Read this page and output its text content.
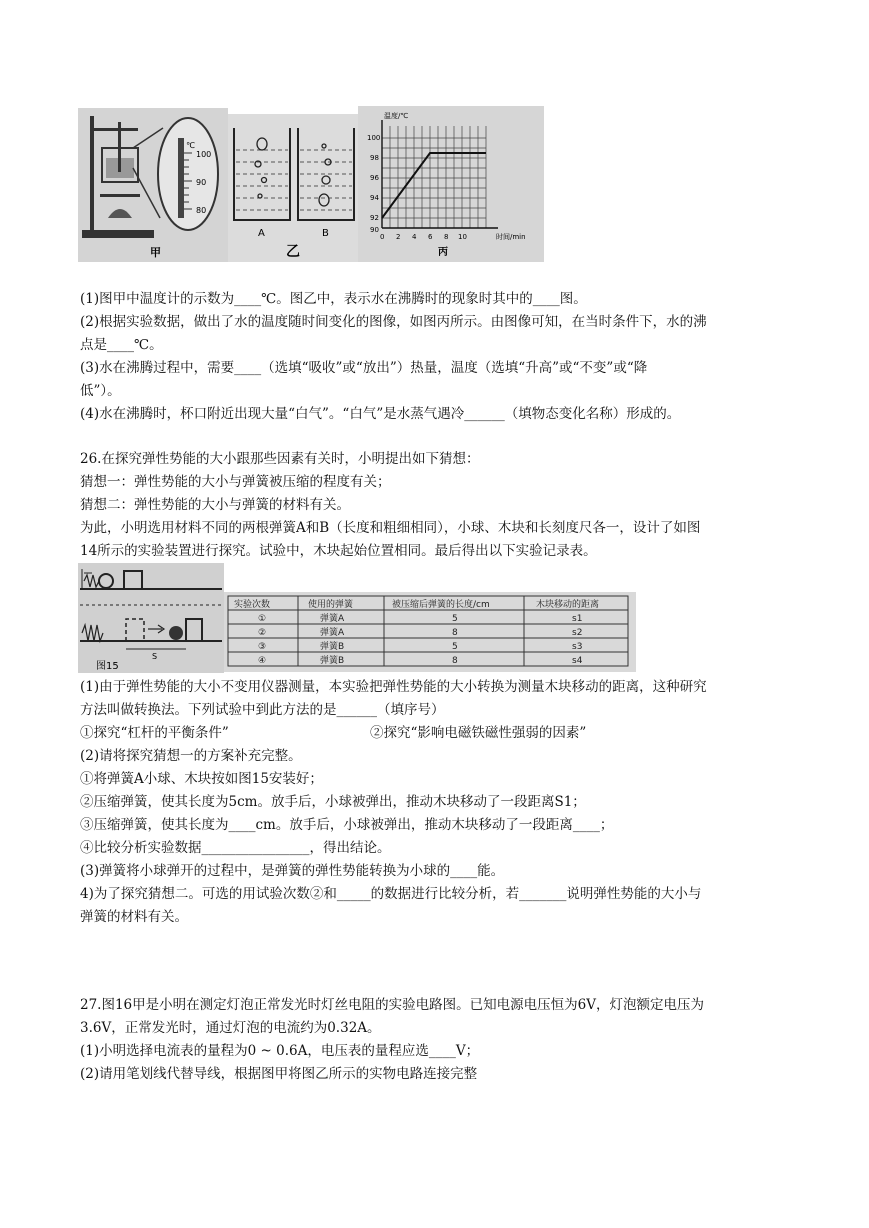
℃
100
90
80
甲
A	B
乙
温度/℃
时间/min
100
98
96
94
92
90
0 2 4 6 8 10
丙
(1)图甲中温度计的示数为____℃。图乙中，表示水在沸腾时的现象时其中的____图。
(2)根据实验数据，做出了水的温度随时间变化的图像，如图丙所示。由图像可知，在当时条件下，水的沸
点是____℃。
(3)水在沸腾过程中，需要____（选填“吸收”或“放出”）热量，温度（选填“升高”或“不变”或“降
低”）。
(4)水在沸腾时，杯口附近出现大量“白气”。“白气”是水蒸气遇冷______（填物态变化名称）形成的。
26.在探究弹性势能的大小跟那些因素有关时，小明提出如下猜想：
猜想一：弹性势能的大小与弹簧被压缩的程度有关；
猜想二：弹性势能的大小与弹簧的材料有关。
为此，小明选用材料不同的两根弹簧A和B（长度和粗细相同），小球、木块和长刻度尺各一，设计了如图
14所示的实验装置进行探究。试验中，木块起始位置相同。最后得出以下实验记录表。
S
图15
实验次数	使用的弹簧	被压缩后弹簧的长度/cm	木块移动的距离
①	弹簧A	5	s1
②	弹簧A	8	s2
③	弹簧B	5	s3
④	弹簧B	8	s4
(1)由于弹性势能的大小不变用仪器测量，本实验把弹性势能的大小转换为测量木块移动的距离，这种研究
方法叫做转换法。下列试验中到此方法的是______（填序号）
①探究“杠杆的平衡条件”	②探究“影响电磁铁磁性强弱的因素”
(2)请将探究猜想一的方案补充完整。
①将弹簧A小球、木块按如图15安装好；
②压缩弹簧，使其长度为5cm。放手后，小球被弹出，推动木块移动了一段距离S1；
③压缩弹簧，使其长度为____cm。放手后，小球被弹出，推动木块移动了一段距离____；
④比较分析实验数据________________，得出结论。
(3)弹簧将小球弹开的过程中，是弹簧的弹性势能转换为小球的____能。
4)为了探究猜想二。可选的用试验次数②和_____的数据进行比较分析，若_______说明弹性势能的大小与
弹簧的材料有关。
27.图16甲是小明在测定灯泡正常发光时灯丝电阻的实验电路图。已知电源电压恒为6V，灯泡额定电压为
3.6V，正常发光时，通过灯泡的电流约为0.32A。
(1)小明选择电流表的量程为0 ~ 0.6A，电压表的量程应选____V；
(2)请用笔划线代替导线，根据图甲将图乙所示的实物电路连接完整
